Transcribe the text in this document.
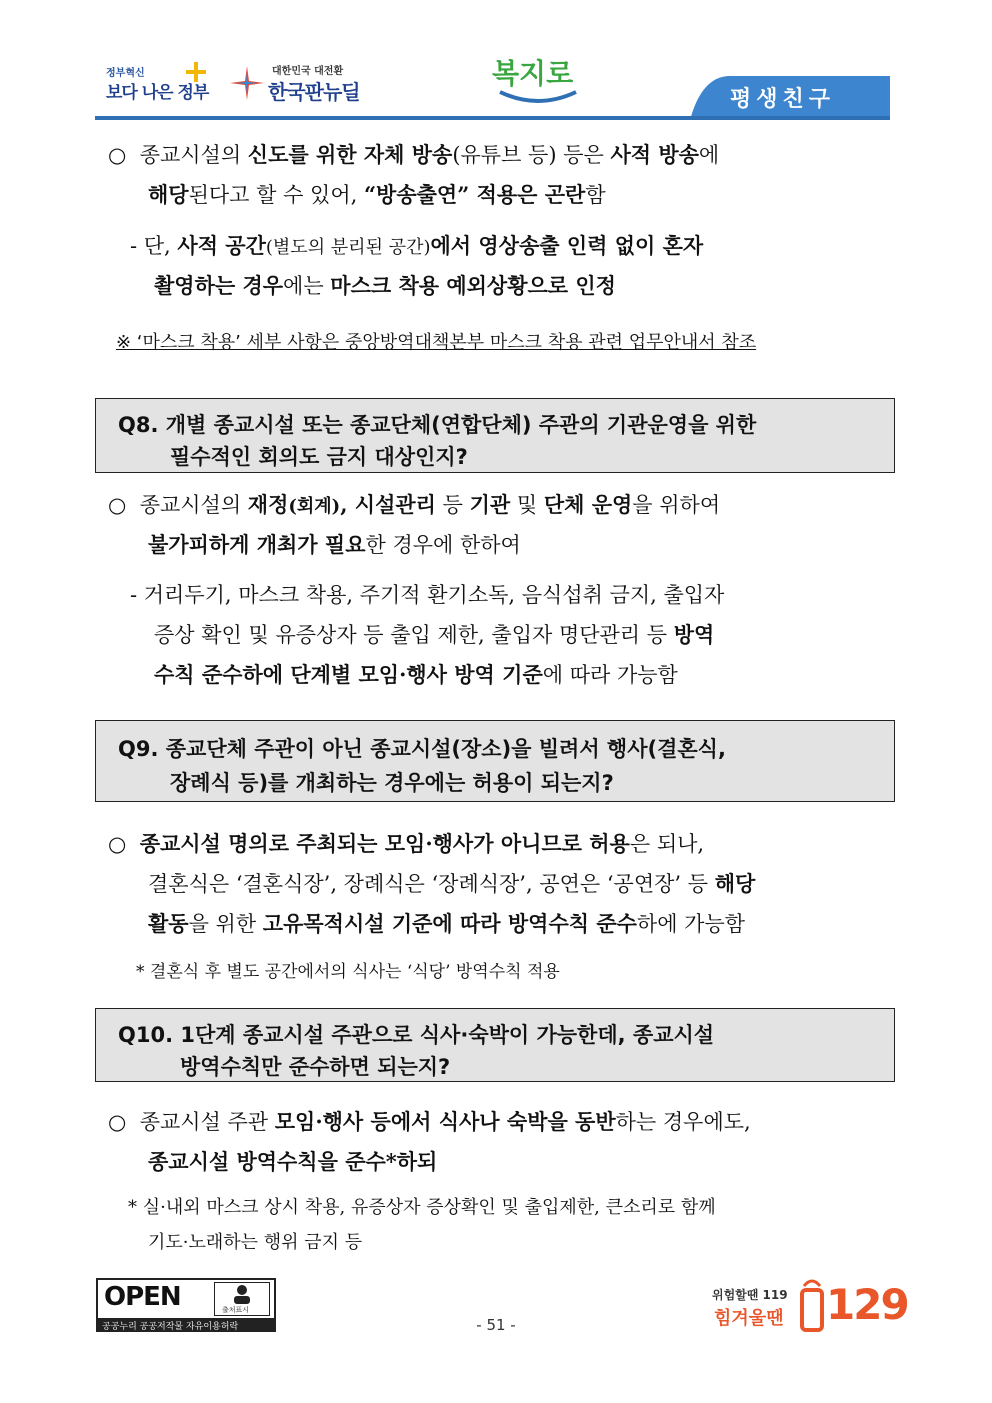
정부혁신
보다 나은 정부
대한민국 대전환
한국판뉴딜
복지로
평생친구
○ 종교시설의 신도를 위한 자체 방송(유튜브 등) 등은 사적 방송에
해당된다고 할 수 있어, “방송출연” 적용은 곤란함
- 단, 사적 공간(별도의 분리된 공간)에서 영상송출 인력 없이 혼자
촬영하는 경우에는 마스크 착용 예외상황으로 인정
※ ‘마스크 착용’ 세부 사항은 중앙방역대책본부 마스크 착용 관련 업무안내서 참조
Q8. 개별 종교시설 또는 종교단체(연합단체) 주관의 기관운영을 위한
필수적인 회의도 금지 대상인지?
○ 종교시설의 재정(회계), 시설관리 등 기관 및 단체 운영을 위하여
불가피하게 개최가 필요한 경우에 한하여
- 거리두기, 마스크 착용, 주기적 환기소독, 음식섭취 금지, 출입자
증상 확인 및 유증상자 등 출입 제한, 출입자 명단관리 등 방역
수칙 준수하에 단계별 모임·행사 방역 기준에 따라 가능함
Q9. 종교단체 주관이 아닌 종교시설(장소)을 빌려서 행사(결혼식,
장례식 등)를 개최하는 경우에는 허용이 되는지?
○ 종교시설 명의로 주최되는 모임·행사가 아니므로 허용은 되나,
결혼식은 ‘결혼식장’, 장례식은 ‘장례식장’, 공연은 ‘공연장’ 등 해당
활동을 위한 고유목적시설 기준에 따라 방역수칙 준수하에 가능함
* 결혼식 후 별도 공간에서의 식사는 ‘식당’ 방역수칙 적용
Q10. 1단계 종교시설 주관으로 식사·숙박이 가능한데, 종교시설
방역수칙만 준수하면 되는지?
○ 종교시설 주관 모임·행사 등에서 식사나 숙박을 동반하는 경우에도,
종교시설 방역수칙을 준수*하되
* 실·내외 마스크 상시 착용, 유증상자 증상확인 및 출입제한, 큰소리로 함께
기도·노래하는 행위 금지 등
OPEN	출처표시
공공누리 공공저작물 자유이용허락	- 51 -
위험할땐 119
힘겨울땐 129
